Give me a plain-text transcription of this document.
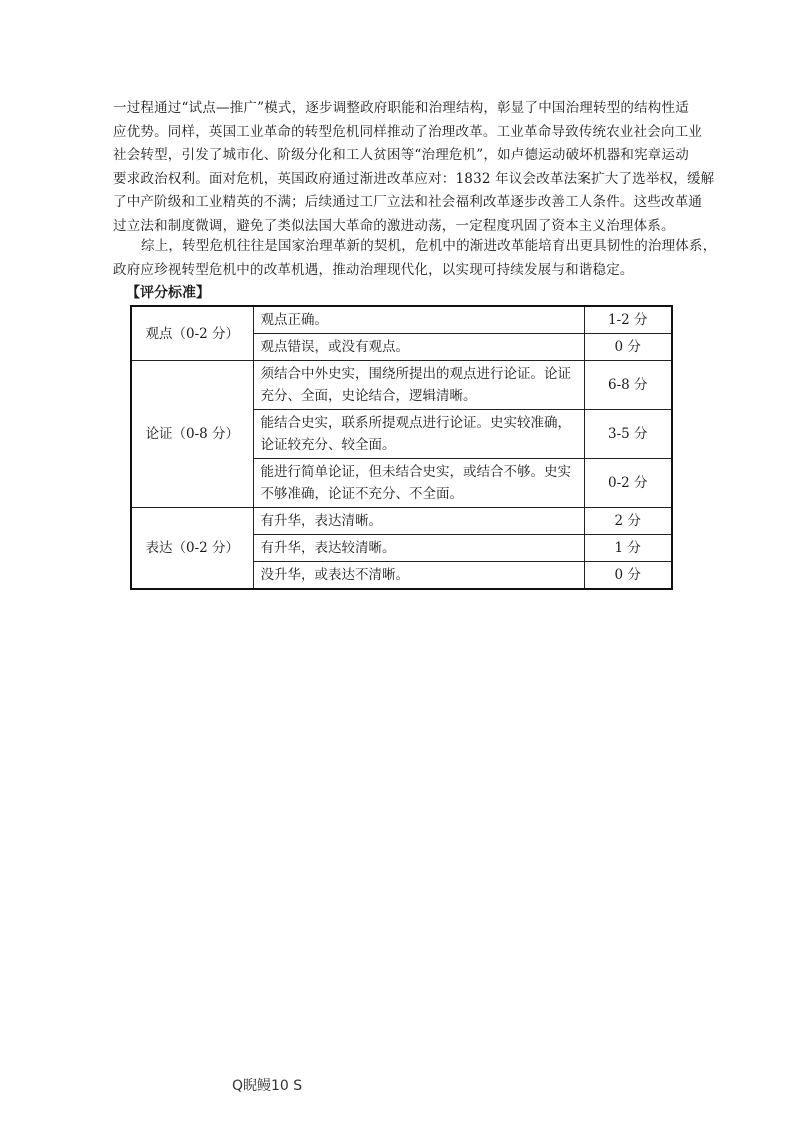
一过程通过“试点—推广”模式，逐步调整政府职能和治理结构，彰显了中国治理转型的结构性适
应优势。同样，英国工业革命的转型危机同样推动了治理改革。工业革命导致传统农业社会向工业
社会转型，引发了城市化、阶级分化和工人贫困等“治理危机”，如卢德运动破坏机器和宪章运动
要求政治权利。面对危机，英国政府通过渐进改革应对：1832 年议会改革法案扩大了选举权，缓解
了中产阶级和工业精英的不满；后续通过工厂立法和社会福利改革逐步改善工人条件。这些改革通
过立法和制度微调，避免了类似法国大革命的激进动荡，一定程度巩固了资本主义治理体系。
综上，转型危机往往是国家治理革新的契机，危机中的渐进改革能培育出更具韧性的治理体系，
政府应珍视转型危机中的改革机遇，推动治理现代化，以实现可持续发展与和谐稳定。
【评分标准】
观点（0-2 分）	观点正确。	1-2 分
	观点错误，或没有观点。	0 分
论证（0-8 分）	须结合中外史实，围绕所提出的观点进行论证。论证
充分、全面，史论结合，逻辑清晰。	6-8 分

	能结合史实，联系所提观点进行论证。史实较准确，
论证较充分、较全面。	3-5 分

	能进行简单论证，但未结合史实，或结合不够。史实
不够准确，论证不充分、不全面。	0-2 分
表达（0-2 分）	有升华，表达清晰。	2 分
	有升华，表达较清晰。	1 分
	没升华，或表达不清晰。	0 分
Q睨鳗10 S
